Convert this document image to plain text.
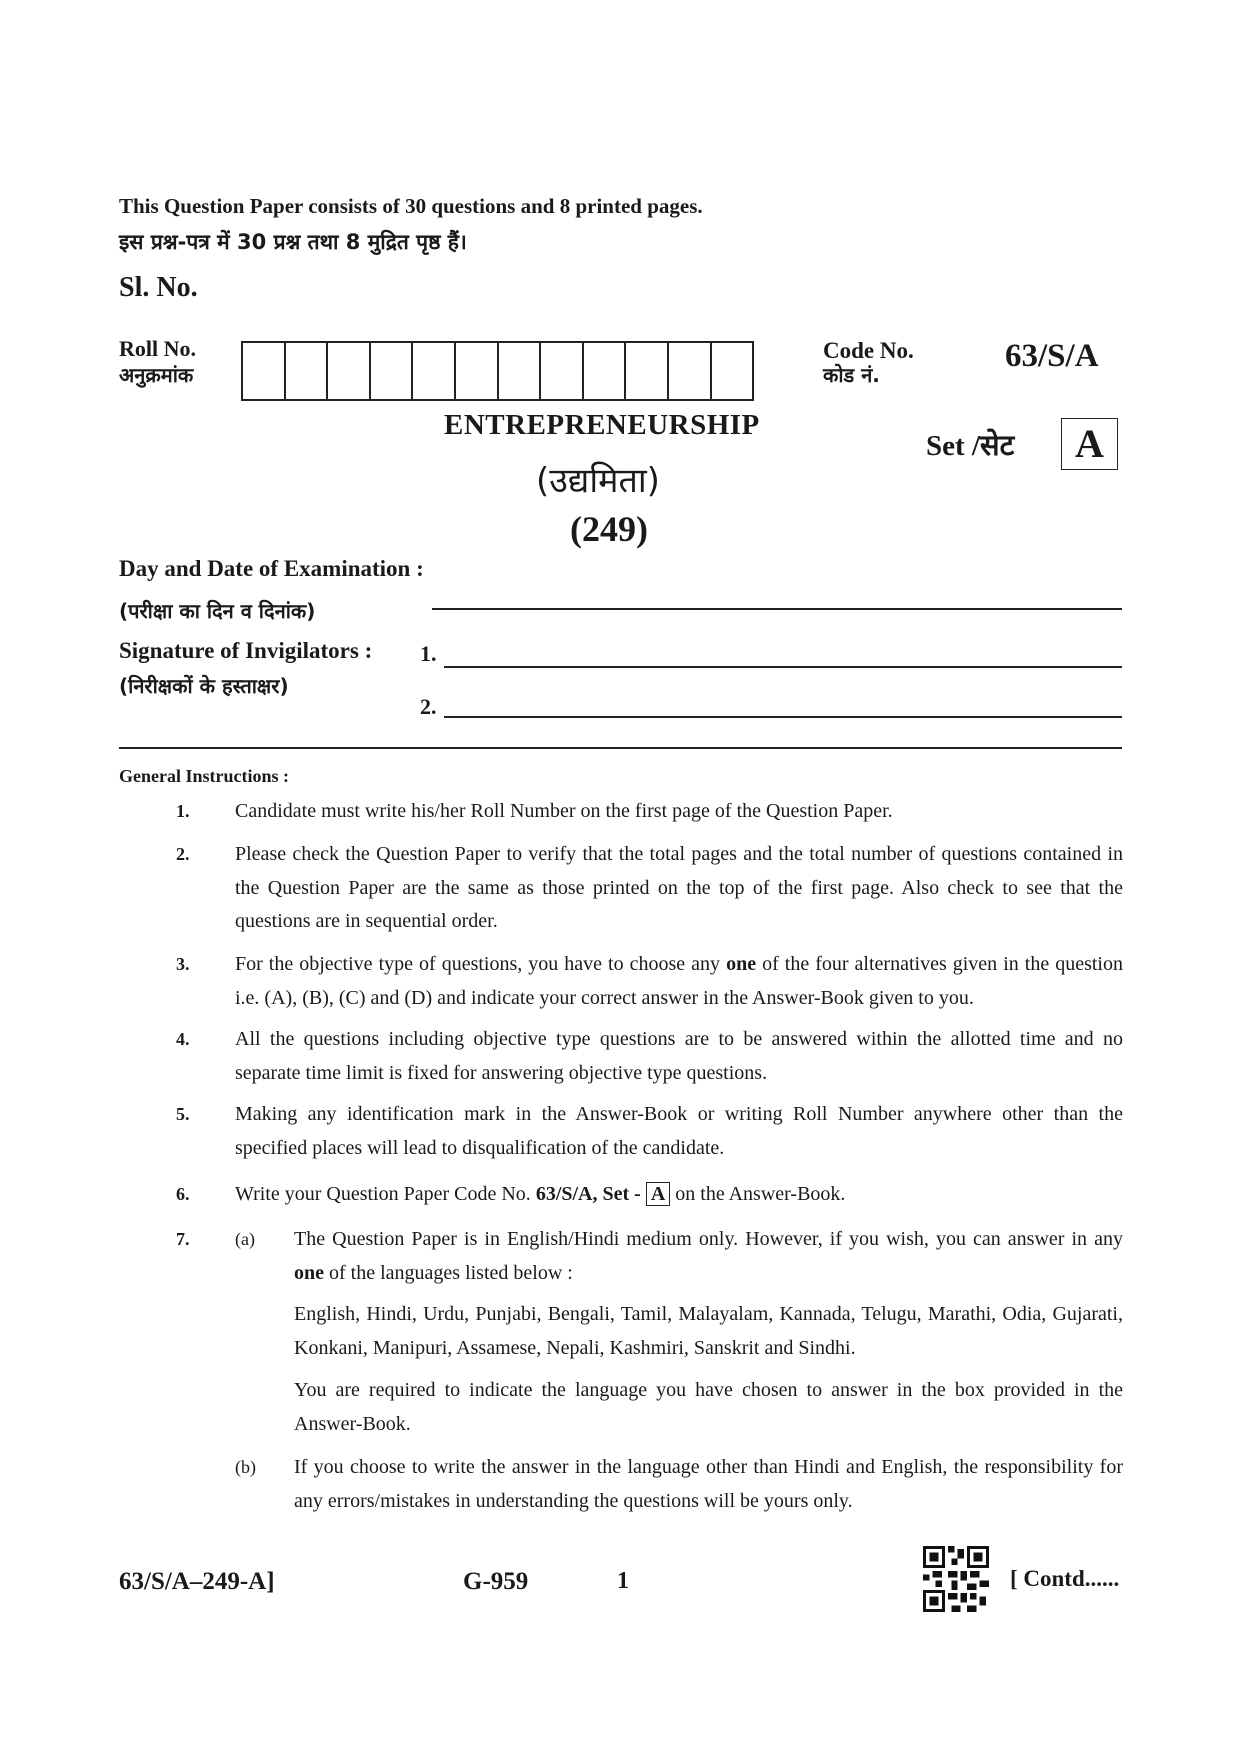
This Question Paper consists of 30 questions and 8 printed pages.
इस प्रश्न-पत्र में 30 प्रश्न तथा 8 मुद्रित पृष्ठ हैं।
Sl. No.
Roll No.
अनुक्रमांक
Code No.
कोड नं.
63/S/A
ENTREPRENEURSHIP
(उद्यमिता)
(249)
Set /सेट	A
Day and Date of Examination :
(परीक्षा का दिन व दिनांक)
Signature of Invigilators : 1.
(निरीक्षकों के हस्ताक्षर)
2.
General Instructions :
1. Candidate must write his/her Roll Number on the first page of the Question Paper.
2. Please check the Question Paper to verify that the total pages and the total number of questions contained in the Question Paper are the same as those printed on the top of the first page. Also check to see that the questions are in sequential order.
3. For the objective type of questions, you have to choose any one of the four alternatives given in the question i.e. (A), (B), (C) and (D) and indicate your correct answer in the Answer-Book given to you.
4. All the questions including objective type questions are to be answered within the allotted time and no separate time limit is fixed for answering objective type questions.
5. Making any identification mark in the Answer-Book or writing Roll Number anywhere other than the specified places will lead to disqualification of the candidate.
6. Write your Question Paper Code No. 63/S/A, Set - A on the Answer-Book.
7.	(a) The Question Paper is in English/Hindi medium only. However, if you wish, you can answer in any one of the languages listed below :
English, Hindi, Urdu, Punjabi, Bengali, Tamil, Malayalam, Kannada, Telugu, Marathi, Odia, Gujarati, Konkani, Manipuri, Assamese, Nepali, Kashmiri, Sanskrit and Sindhi.
You are required to indicate the language you have chosen to answer in the box provided in the Answer-Book.
(b) If you choose to write the answer in the language other than Hindi and English, the responsibility for any errors/mistakes in understanding the questions will be yours only.
63/S/A–249-A]	G-959	1	[ Contd......
